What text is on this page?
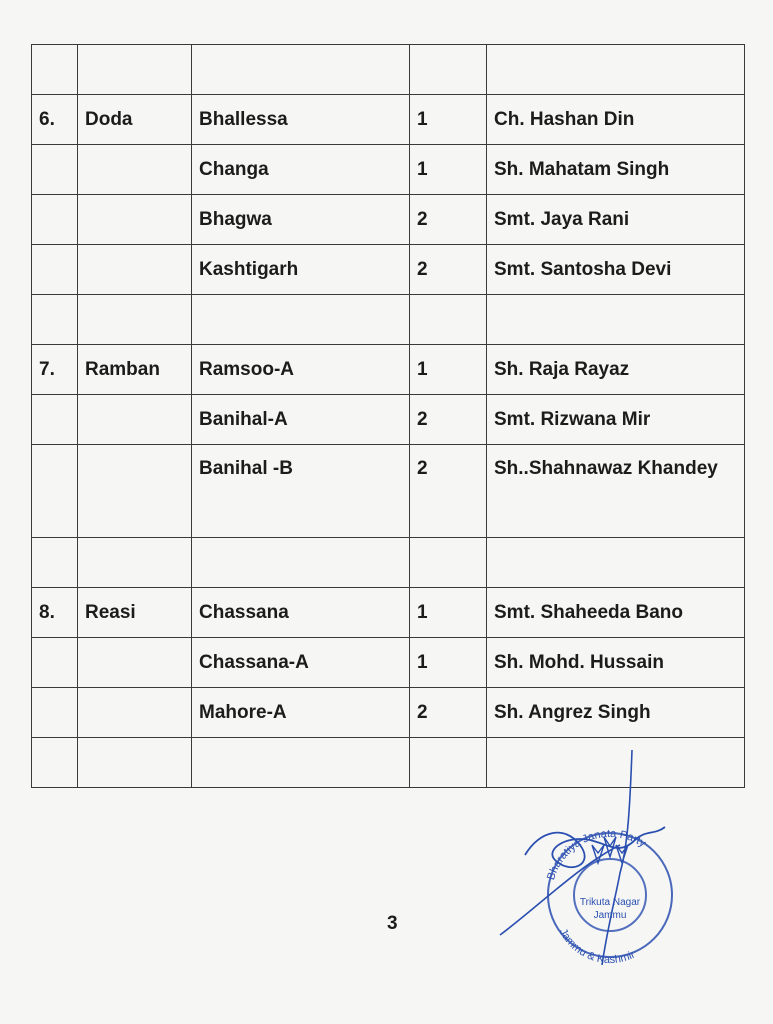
6.	Doda	Bhallessa	1	Ch. Hashan Din
		Changa	1	Sh. Mahatam Singh
		Bhagwa	2	Smt. Jaya Rani
		Kashtigarh	2	Smt. Santosha Devi

7.	Ramban	Ramsoo-A	1	Sh. Raja Rayaz
		Banihal-A	2	Smt. Rizwana Mir
		Banihal -B	2	Sh..Shahnawaz Khandey

8.	Reasi	Chassana	1	Smt. Shaheeda Bano
		Chassana-A	1	Sh. Mohd. Hussain
		Mahore-A	2	Sh. Angrez Singh

3
Bharatiya Janata Party
Jammu & Kashmir
Trikuta Nagar
Jammu
